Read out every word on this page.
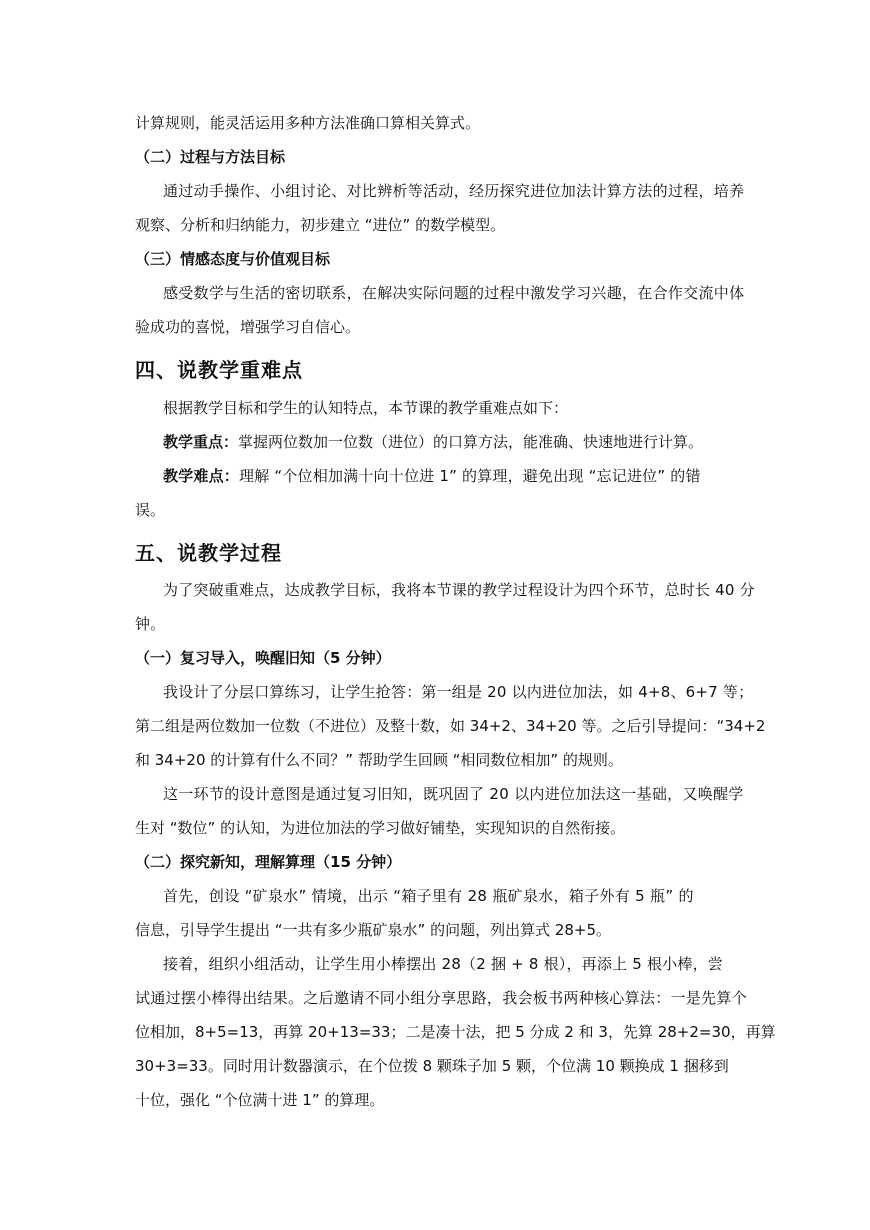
计算规则，能灵活运用多种方法准确口算相关算式。

（二）过程与方法目标

通过动手操作、小组讨论、对比辨析等活动，经历探究进位加法计算方法的过程，培养

观察、分析和归纳能力，初步建立 “进位” 的数学模型。

（三）情感态度与价值观目标

感受数学与生活的密切联系，在解决实际问题的过程中激发学习兴趣，在合作交流中体

验成功的喜悦，增强学习自信心。

四、说教学重难点

根据教学目标和学生的认知特点，本节课的教学重难点如下：

教学重点：掌握两位数加一位数（进位）的口算方法，能准确、快速地进行计算。

教学难点：理解 “个位相加满十向十位进 1” 的算理，避免出现 “忘记进位” 的错

误。

五、说教学过程

为了突破重难点，达成教学目标，我将本节课的教学过程设计为四个环节，总时长 40 分

钟。

（一）复习导入，唤醒旧知（5 分钟）

我设计了分层口算练习，让学生抢答：第一组是 20 以内进位加法，如 4+8、6+7 等；

第二组是两位数加一位数（不进位）及整十数，如 34+2、34+20 等。之后引导提问：“34+2

和 34+20 的计算有什么不同？” 帮助学生回顾 “相同数位相加” 的规则。

这一环节的设计意图是通过复习旧知，既巩固了 20 以内进位加法这一基础，又唤醒学

生对 “数位” 的认知，为进位加法的学习做好铺垫，实现知识的自然衔接。

（二）探究新知，理解算理（15 分钟）

首先，创设 “矿泉水” 情境，出示 “箱子里有 28 瓶矿泉水，箱子外有 5 瓶” 的

信息，引导学生提出 “一共有多少瓶矿泉水” 的问题，列出算式 28+5。

接着，组织小组活动，让学生用小棒摆出 28（2 捆 + 8 根），再添上 5 根小棒，尝

试通过摆小棒得出结果。之后邀请不同小组分享思路，我会板书两种核心算法：一是先算个

位相加，8+5=13，再算 20+13=33；二是凑十法，把 5 分成 2 和 3，先算 28+2=30，再算

30+3=33。同时用计数器演示，在个位拨 8 颗珠子加 5 颗，个位满 10 颗换成 1 捆移到

十位，强化 “个位满十进 1” 的算理。
